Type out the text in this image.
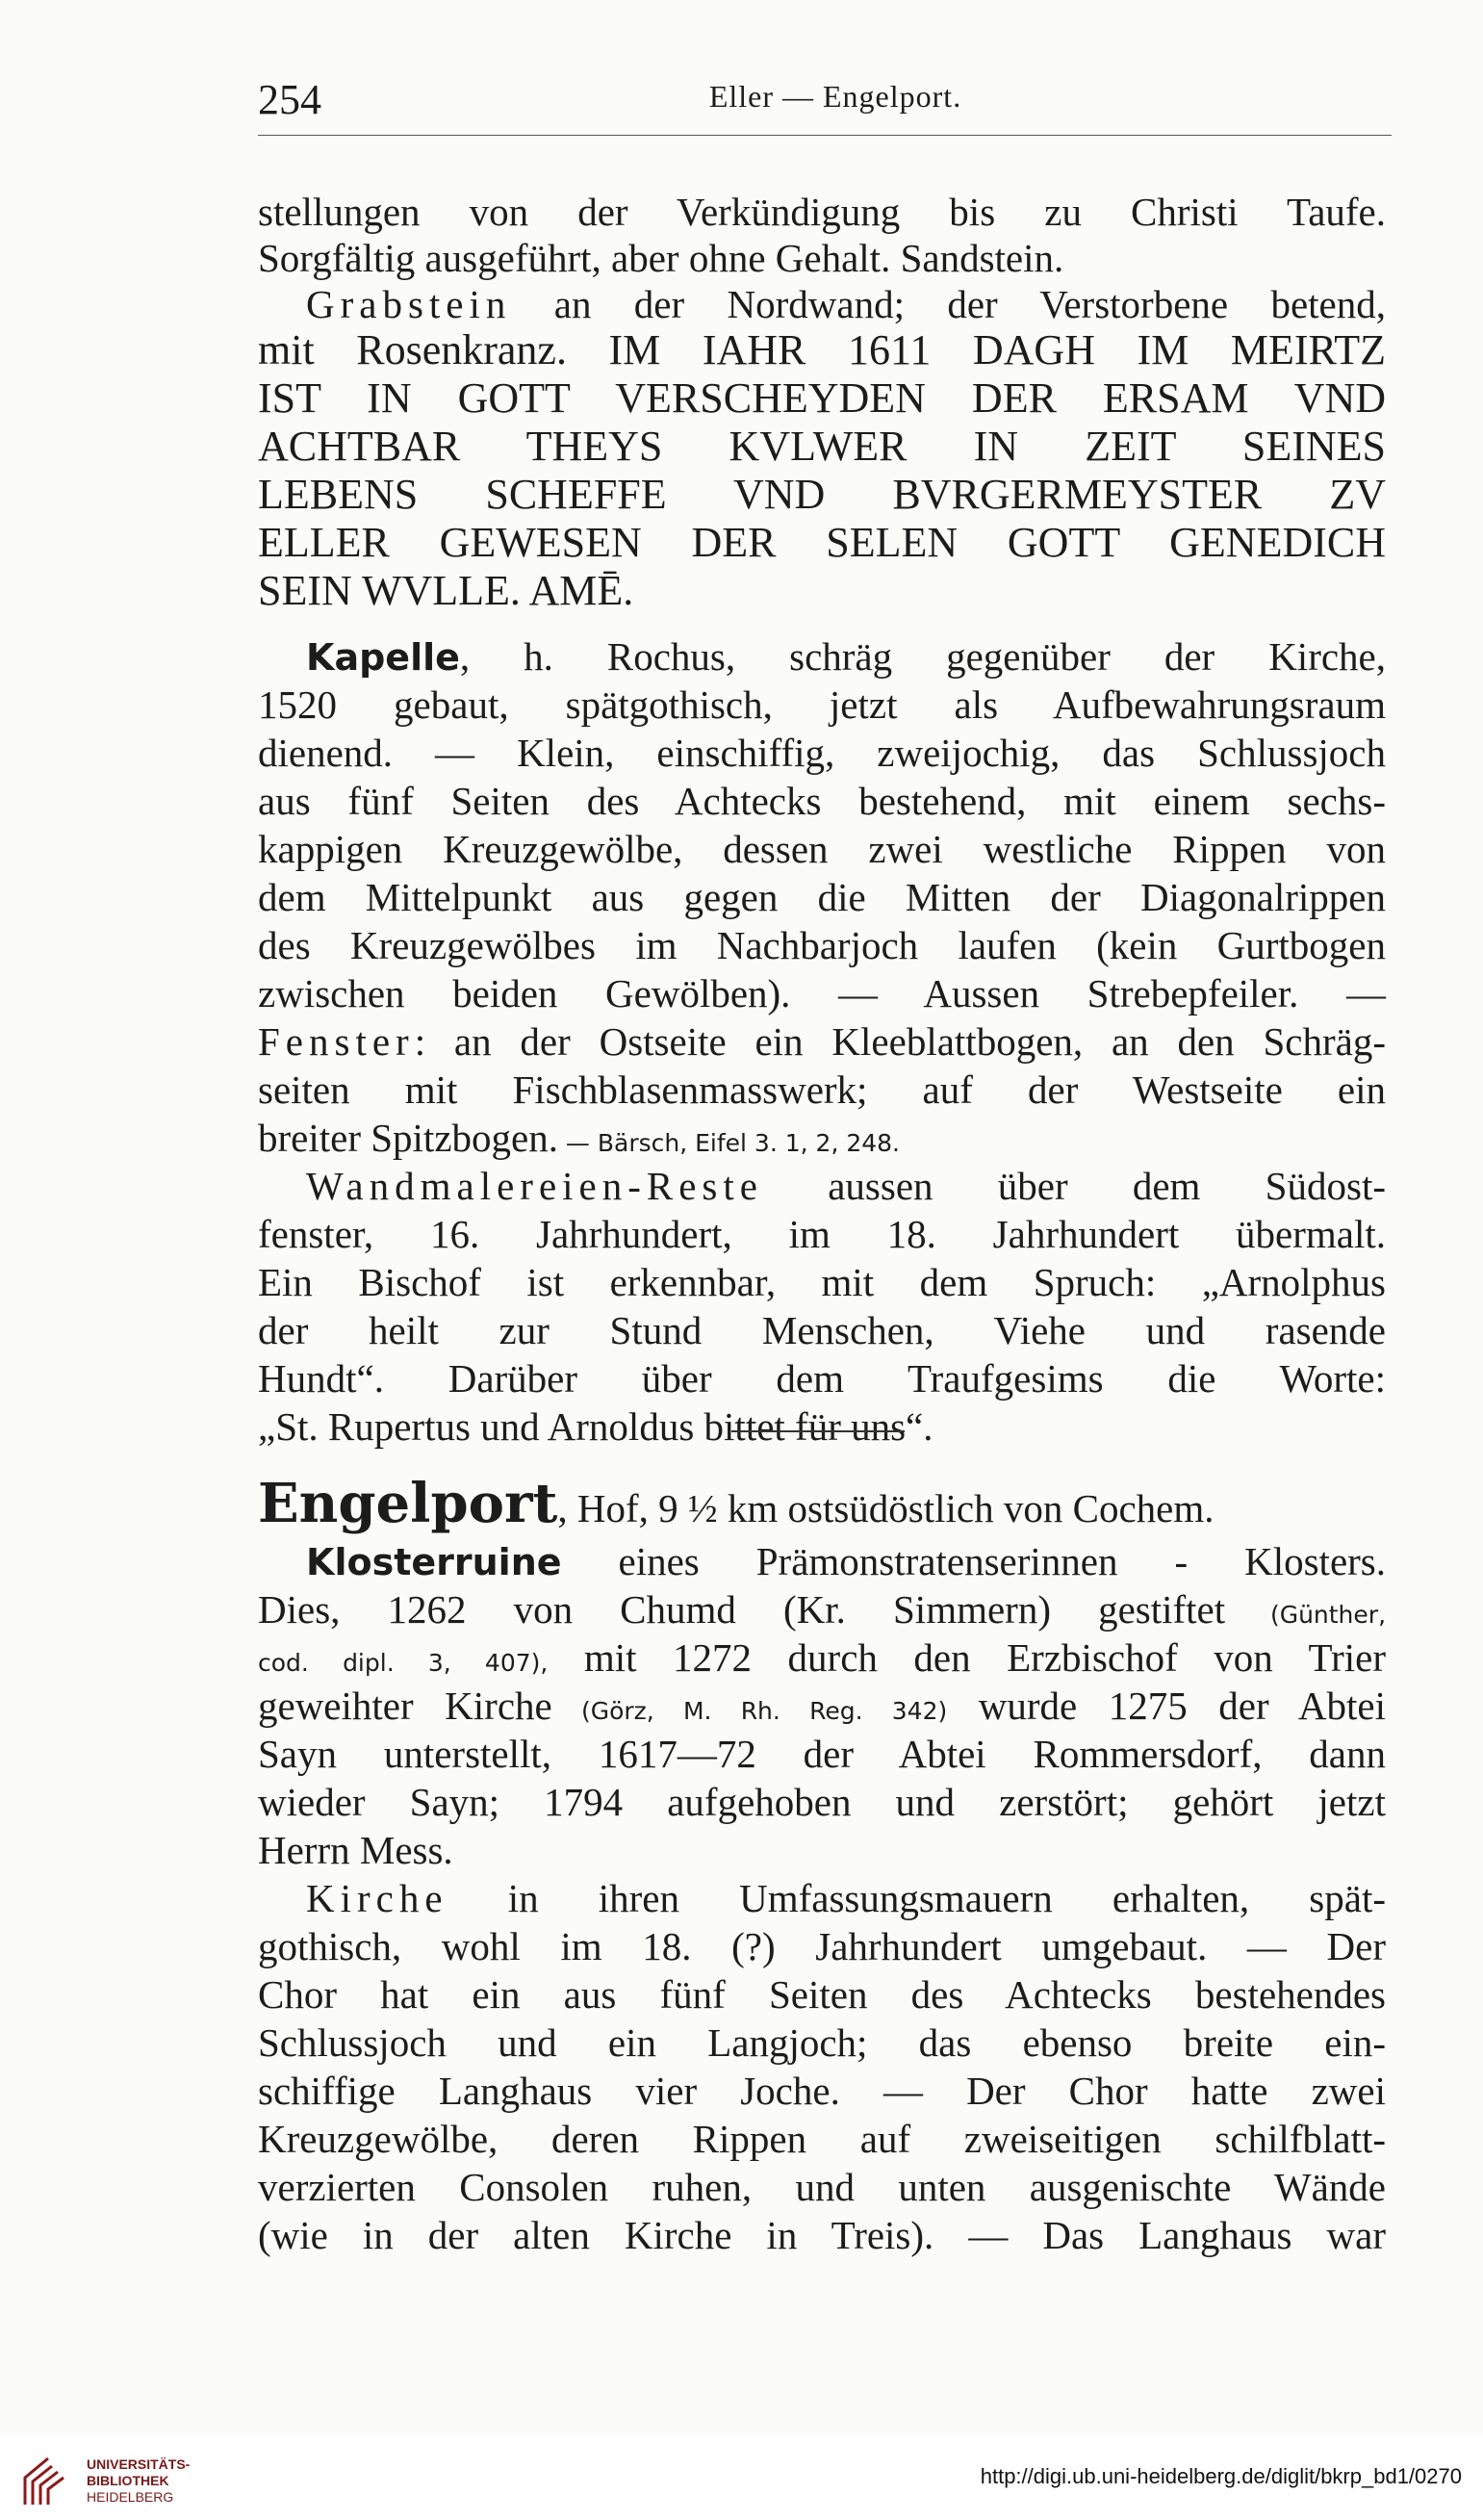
254	Eller — Engelport.
stellungen von der Verkündigung bis zu Christi Taufe.
Sorgfältig ausgeführt, aber ohne Gehalt. Sandstein.
Grabstein an der Nordwand; der Verstorbene betend,
mit Rosenkranz. IM IAHR 1611 DAGH IM MEIRTZ
IST IN GOTT VERSCHEYDEN DER ERSAM VND
ACHTBAR THEYS KVLWER IN ZEIT SEINES
LEBENS SCHEFFE VND BVRGERMEYSTER ZV
ELLER GEWESEN DER SELEN GOTT GENEDICH
SEIN WVLLE. AMĒ.
Kapelle, h. Rochus, schräg gegenüber der Kirche,
1520 gebaut, spätgothisch, jetzt als Aufbewahrungsraum
dienend. — Klein, einschiffig, zweijochig, das Schlussjoch
aus fünf Seiten des Achtecks bestehend, mit einem sechs-
kappigen Kreuzgewölbe, dessen zwei westliche Rippen von
dem Mittelpunkt aus gegen die Mitten der Diagonalrippen
des Kreuzgewölbes im Nachbarjoch laufen (kein Gurtbogen
zwischen beiden Gewölben). — Aussen Strebepfeiler. —
Fenster: an der Ostseite ein Kleeblattbogen, an den Schräg-
seiten mit Fischblasenmasswerk; auf der Westseite ein
breiter Spitzbogen. — Bärsch, Eifel 3. 1, 2, 248.
Wandmalereien-Reste aussen über dem Südost-
fenster, 16. Jahrhundert, im 18. Jahrhundert übermalt.
Ein Bischof ist erkennbar, mit dem Spruch: „Arnolphus
der heilt zur Stund Menschen, Viehe und rasende
Hundt“. Darüber über dem Traufgesims die Worte:
„St. Rupertus und Arnoldus bittet für uns“.
Engelport, Hof, 9 ½ km ostsüdöstlich von Cochem.
Klosterruine eines Prämonstratenserinnen - Klosters.
Dies, 1262 von Chumd (Kr. Simmern) gestiftet (Günther,
cod. dipl. 3, 407), mit 1272 durch den Erzbischof von Trier
geweihter Kirche (Görz, M. Rh. Reg. 342) wurde 1275 der Abtei
Sayn unterstellt, 1617—72 der Abtei Rommersdorf, dann
wieder Sayn; 1794 aufgehoben und zerstört; gehört jetzt
Herrn Mess.
Kirche in ihren Umfassungsmauern erhalten, spät-
gothisch, wohl im 18. (?) Jahrhundert umgebaut. — Der
Chor hat ein aus fünf Seiten des Achtecks bestehendes
Schlussjoch und ein Langjoch; das ebenso breite ein-
schiffige Langhaus vier Joche. — Der Chor hatte zwei
Kreuzgewölbe, deren Rippen auf zweiseitigen schilfblatt-
verzierten Consolen ruhen, und unten ausgenischte Wände
(wie in der alten Kirche in Treis). — Das Langhaus war
UNIVERSITÄTS-
BIBLIOTHEK
HEIDELBERG
http://digi.ub.uni-heidelberg.de/diglit/bkrp_bd1/0270
